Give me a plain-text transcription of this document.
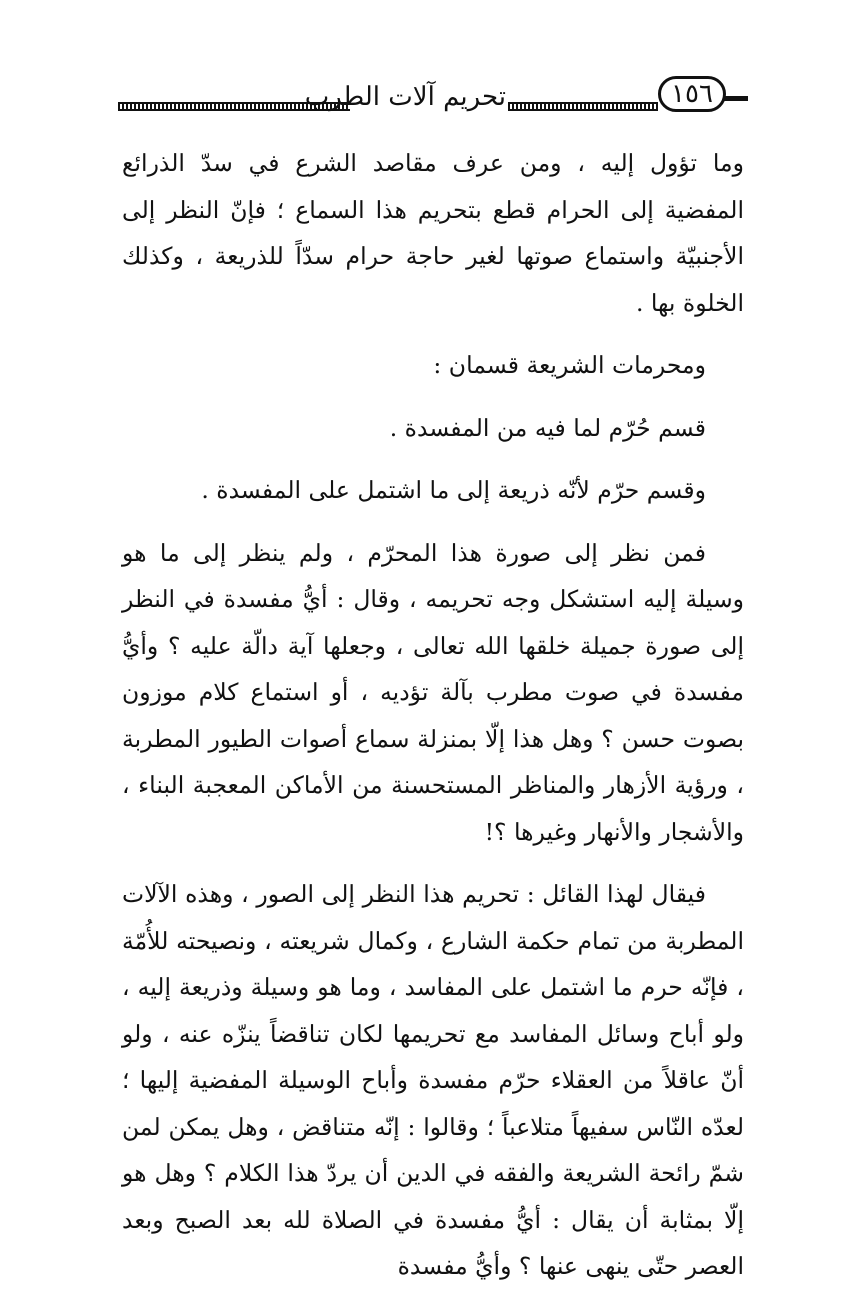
تحريم آلات الطرب	١٥٦

وما تؤول إليه ، ومن عرف مقاصد الشرع في سدّ الذرائع المفضية إلى الحرام قطع بتحريم هذا السماع ؛ فإنّ النظر إلى الأجنبيّة واستماع صوتها لغير حاجة حرام سدّاً للذريعة ، وكذلك الخلوة بها .

ومحرمات الشريعة قسمان :

قسم حُرّم لما فيه من المفسدة .

وقسم حرّم لأنّه ذريعة إلى ما اشتمل على المفسدة .

فمن نظر إلى صورة هذا المحرّم ، ولم ينظر إلى ما هو وسيلة إليه استشكل وجه تحريمه ، وقال : أيُّ مفسدة في النظر إلى صورة جميلة خلقها الله تعالى ، وجعلها آية دالّة عليه ؟ وأيُّ مفسدة في صوت مطرب بآلة تؤديه ، أو استماع كلام موزون بصوت حسن ؟ وهل هذا إلّا بمنزلة سماع أصوات الطيور المطربة ، ورؤية الأزهار والمناظر المستحسنة من الأماكن المعجبة البناء ، والأشجار والأنهار وغيرها ؟!

فيقال لهذا القائل : تحريم هذا النظر إلى الصور ، وهذه الآلات المطربة من تمام حكمة الشارع ، وكمال شريعته ، ونصيحته للأُمّة ، فإنّه حرم ما اشتمل على المفاسد ، وما هو وسيلة وذريعة إليه ، ولو أباح وسائل المفاسد مع تحريمها لكان تناقضاً ينزّه عنه ، ولو أنّ عاقلاً من العقلاء حرّم مفسدة وأباح الوسيلة المفضية إليها ؛ لعدّه النّاس سفيهاً متلاعباً ؛ وقالوا : إنّه متناقض ، وهل يمكن لمن شمّ رائحة الشريعة والفقه في الدين أن يردّ هذا الكلام ؟ وهل هو إلّا بمثابة أن يقال : أيُّ مفسدة في الصلاة لله بعد الصبح وبعد العصر حتّى ينهى عنها ؟ وأيُّ مفسدة
